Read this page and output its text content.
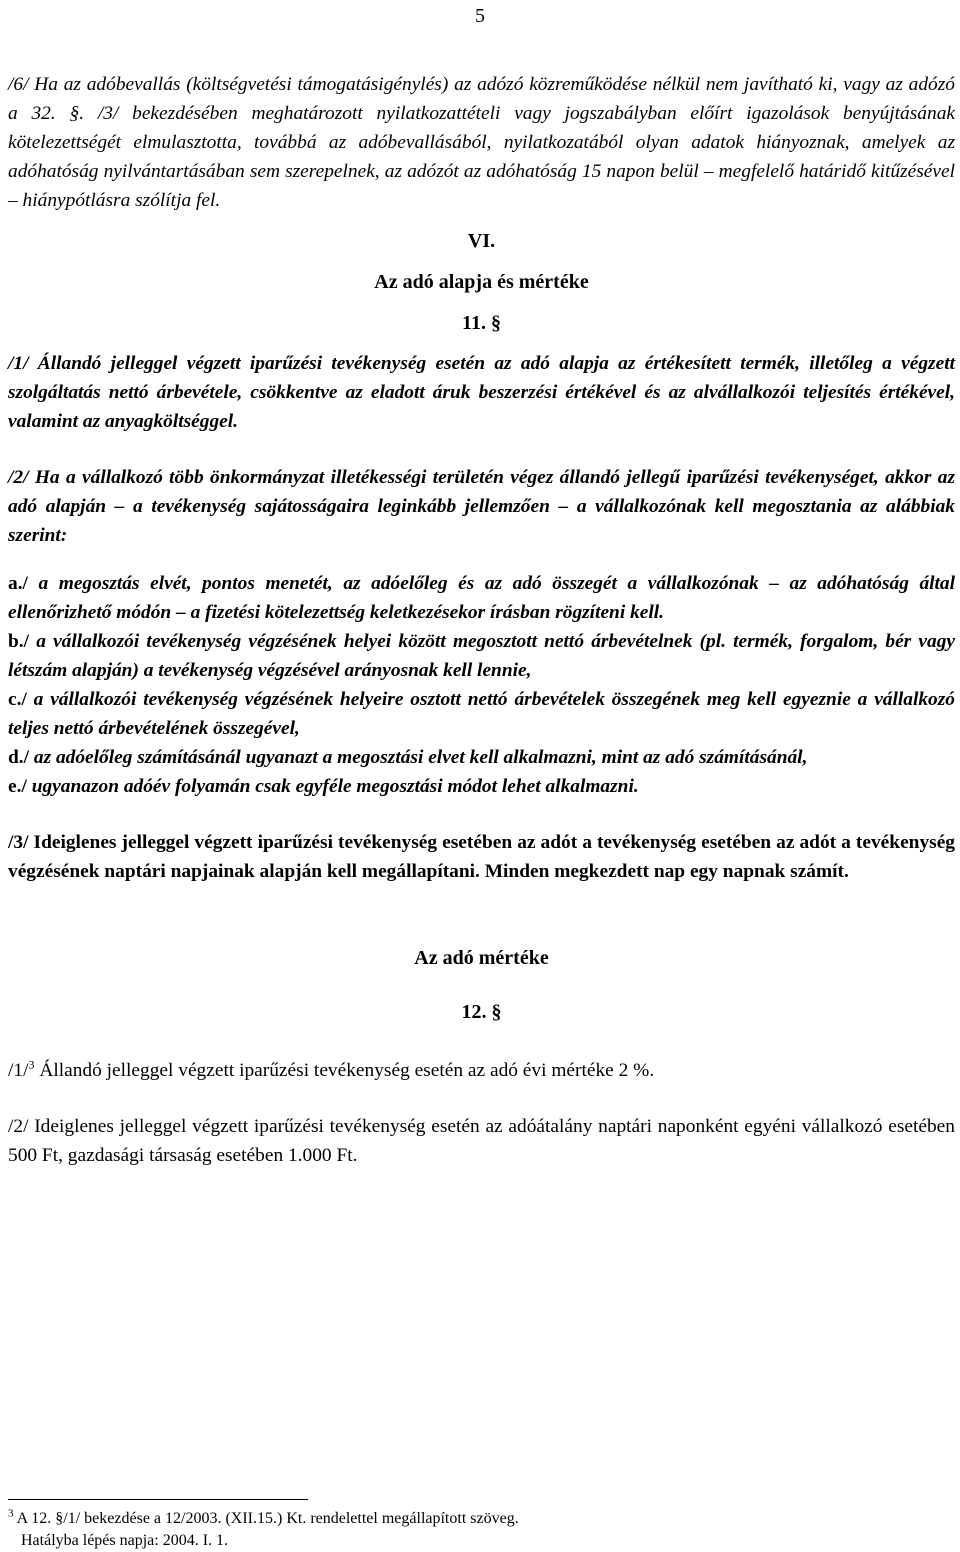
5

/6/ Ha az adóbevallás (költségvetési támogatásigénylés) az adózó közreműködése nélkül nem javítható ki, vagy az adózó a 32. §. /3/ bekezdésében meghatározott nyilatkozattételi vagy jogszabályban előírt igazolások benyújtásának kötelezettségét elmulasztotta, továbbá az adóbevallásából, nyilatkozatából olyan adatok hiányoznak, amelyek az adóhatóság nyilvántartásában sem szerepelnek, az adózót az adóhatóság 15 napon belül – megfelelő határidő kitűzésével – hiánypótlásra szólítja fel.

VI.

Az adó alapja és mértéke

11. §

/1/ Állandó jelleggel végzett iparűzési tevékenység esetén az adó alapja az értékesített termék, illetőleg a végzett szolgáltatás nettó árbevétele, csökkentve az eladott áruk beszerzési értékével és az alvállalkozói teljesítés értékével, valamint az anyagköltséggel.

/2/ Ha a vállalkozó több önkormányzat illetékességi területén végez állandó jellegű iparűzési tevékenységet, akkor az adó alapján – a tevékenység sajátosságaira leginkább jellemzően – a vállalkozónak kell megosztania az alábbiak szerint:

a./ a megosztás elvét, pontos menetét, az adóelőleg és az adó összegét a vállalkozónak – az adóhatóság által ellenőrizhető módón – a fizetési kötelezettség keletkezésekor írásban rögzíteni kell.

b./ a vállalkozói tevékenység végzésének helyei között megosztott nettó árbevételnek (pl. termék, forgalom, bér vagy létszám alapján) a tevékenység végzésével arányosnak kell lennie,

c./ a vállalkozói tevékenység végzésének helyeire osztott nettó árbevételek összegének meg kell egyeznie a vállalkozó teljes nettó árbevételének összegével,

d./ az adóelőleg számításánál ugyanazt a megosztási elvet kell alkalmazni, mint az adó számításánál,

e./ ugyanazon adóév folyamán csak egyféle megosztási módot lehet alkalmazni.

/3/ Ideiglenes jelleggel végzett iparűzési tevékenység esetében az adót a tevékenység esetében az adót a tevékenység végzésének naptári napjainak alapján kell megállapítani. Minden megkezdett nap egy napnak számít.

Az adó mértéke

12. §

/1/$^3$ Állandó jelleggel végzett iparűzési tevékenység esetén az adó évi mértéke 2 %.

/2/ Ideiglenes jelleggel végzett iparűzési tevékenység esetén az adóátalány naptári naponként egyéni vállalkozó esetében 500 Ft, gazdasági társaság esetében 1.000 Ft.

$^3$ A 12. §/1/ bekezdése a 12/2003. (XII.15.) Kt. rendelettel megállapított szöveg.
Hatályba lépés napja: 2004. I. 1.
